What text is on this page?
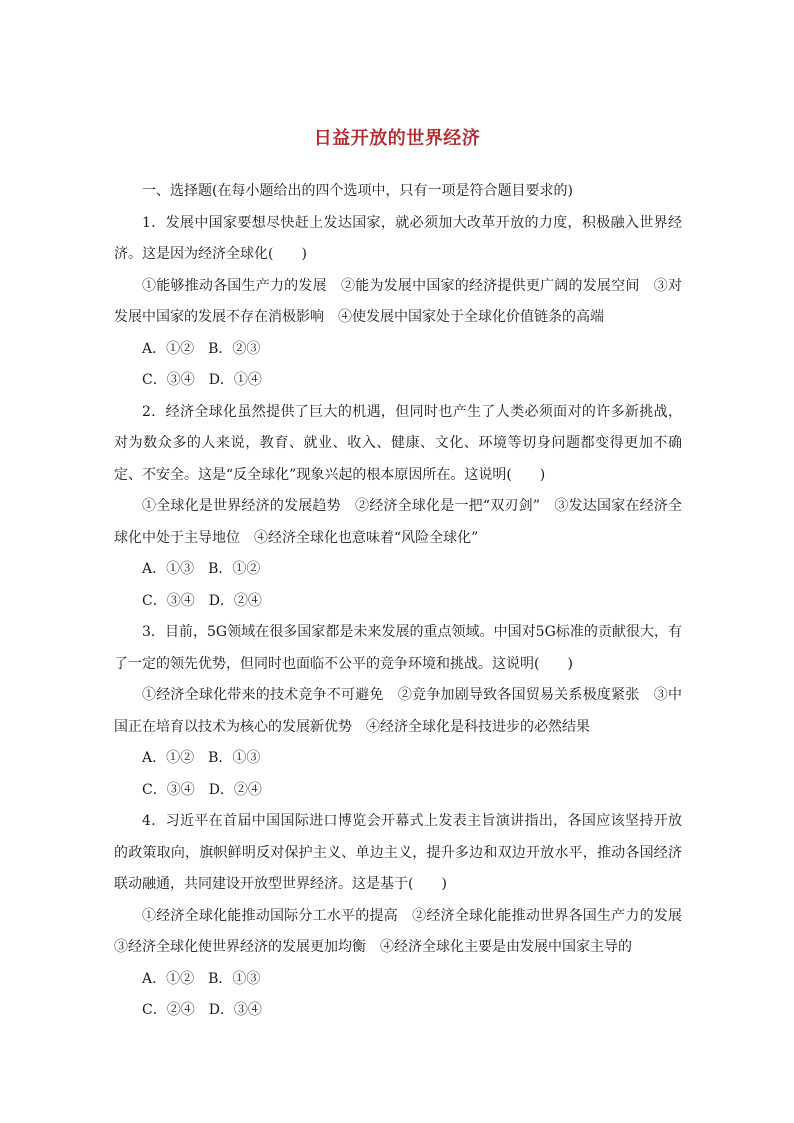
日益开放的世界经济
一、选择题(在每小题给出的四个选项中，只有一项是符合题目要求的)
1．发展中国家要想尽快赶上发达国家，就必须加大改革开放的力度，积极融入世界经济。这是因为经济全球化(　　)
①能够推动各国生产力的发展　②能为发展中国家的经济提供更广阔的发展空间　③对发展中国家的发展不存在消极影响　④使发展中国家处于全球化价值链条的高端
A．①②　B．②③
C．③④　D．①④
2．经济全球化虽然提供了巨大的机遇，但同时也产生了人类必须面对的许多新挑战，对为数众多的人来说，教育、就业、收入、健康、文化、环境等切身问题都变得更加不确定、不安全。这是“反全球化”现象兴起的根本原因所在。这说明(　　)
①全球化是世界经济的发展趋势　②经济全球化是一把“双刃剑”　③发达国家在经济全球化中处于主导地位　④经济全球化也意味着“风险全球化”
A．①③　B．①②
C．③④　D．②④
3．目前，5G领域在很多国家都是未来发展的重点领域。中国对5G标准的贡献很大，有了一定的领先优势，但同时也面临不公平的竞争环境和挑战。这说明(　　)
①经济全球化带来的技术竞争不可避免　②竞争加剧导致各国贸易关系极度紧张　③中国正在培育以技术为核心的发展新优势　④经济全球化是科技进步的必然结果
A．①②　B．①③
C．③④　D．②④
4．习近平在首届中国国际进口博览会开幕式上发表主旨演讲指出，各国应该坚持开放的政策取向，旗帜鲜明反对保护主义、单边主义，提升多边和双边开放水平，推动各国经济联动融通，共同建设开放型世界经济。这是基于(　　)
①经济全球化能推动国际分工水平的提高　②经济全球化能推动世界各国生产力的发展③经济全球化使世界经济的发展更加均衡　④经济全球化主要是由发展中国家主导的
A．①②　B．①③
C．②④　D．③④
